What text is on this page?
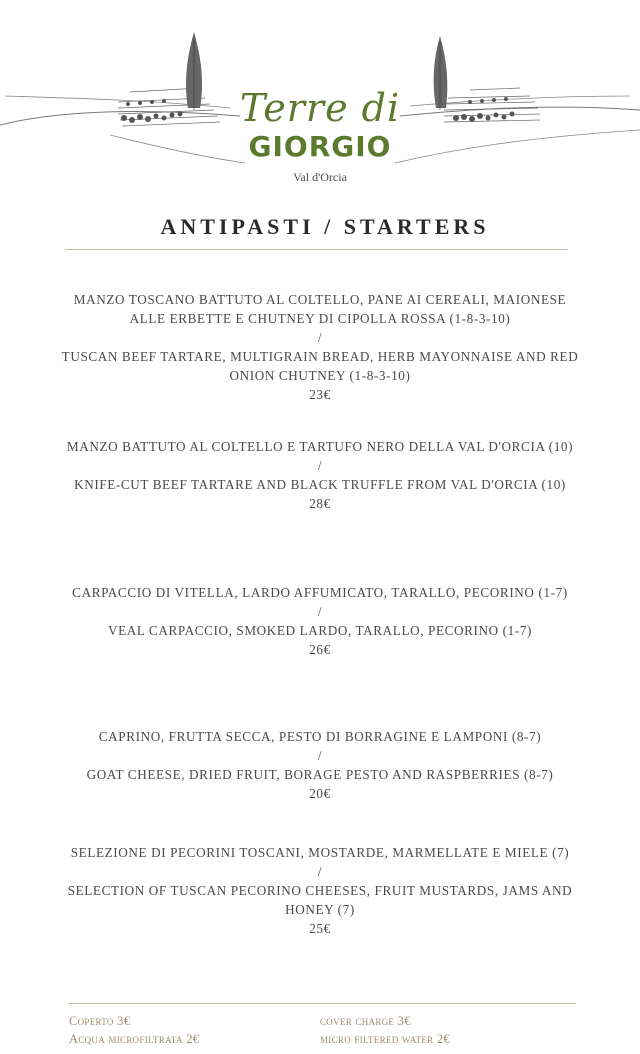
Terre di
GIORGIO
Val d'Orcia
ANTIPASTI / STARTERS
MANZO TOSCANO BATTUTO AL COLTELLO, PANE AI CEREALI, MAIONESE ALLE ERBETTE E CHUTNEY DI CIPOLLA ROSSA (1-8-3-10)
/
TUSCAN BEEF TARTARE, MULTIGRAIN BREAD, HERB MAYONNAISE AND RED ONION CHUTNEY (1-8-3-10)
23€
MANZO BATTUTO AL COLTELLO E TARTUFO NERO DELLA VAL D'ORCIA (10)
/
KNIFE-CUT BEEF TARTARE AND BLACK TRUFFLE FROM VAL D'ORCIA (10)
28€
CARPACCIO DI VITELLA, LARDO AFFUMICATO, TARALLO, PECORINO (1-7)
/
VEAL CARPACCIO, SMOKED LARDO, TARALLO, PECORINO (1-7)
26€
CAPRINO, FRUTTA SECCA, PESTO DI BORRAGINE E LAMPONI (8-7)
/
GOAT CHEESE, DRIED FRUIT, BORAGE PESTO AND RASPBERRIES (8-7)
20€
SELEZIONE DI PECORINI TOSCANI, MOSTARDE, MARMELLATE E MIELE (7)
/
SELECTION OF TUSCAN PECORINO CHEESES, FRUIT MUSTARDS, JAMS AND HONEY (7)
25€
Coperto 3€
Acqua microfiltrata 2€
cover charge 3€
micro filtered water 2€
